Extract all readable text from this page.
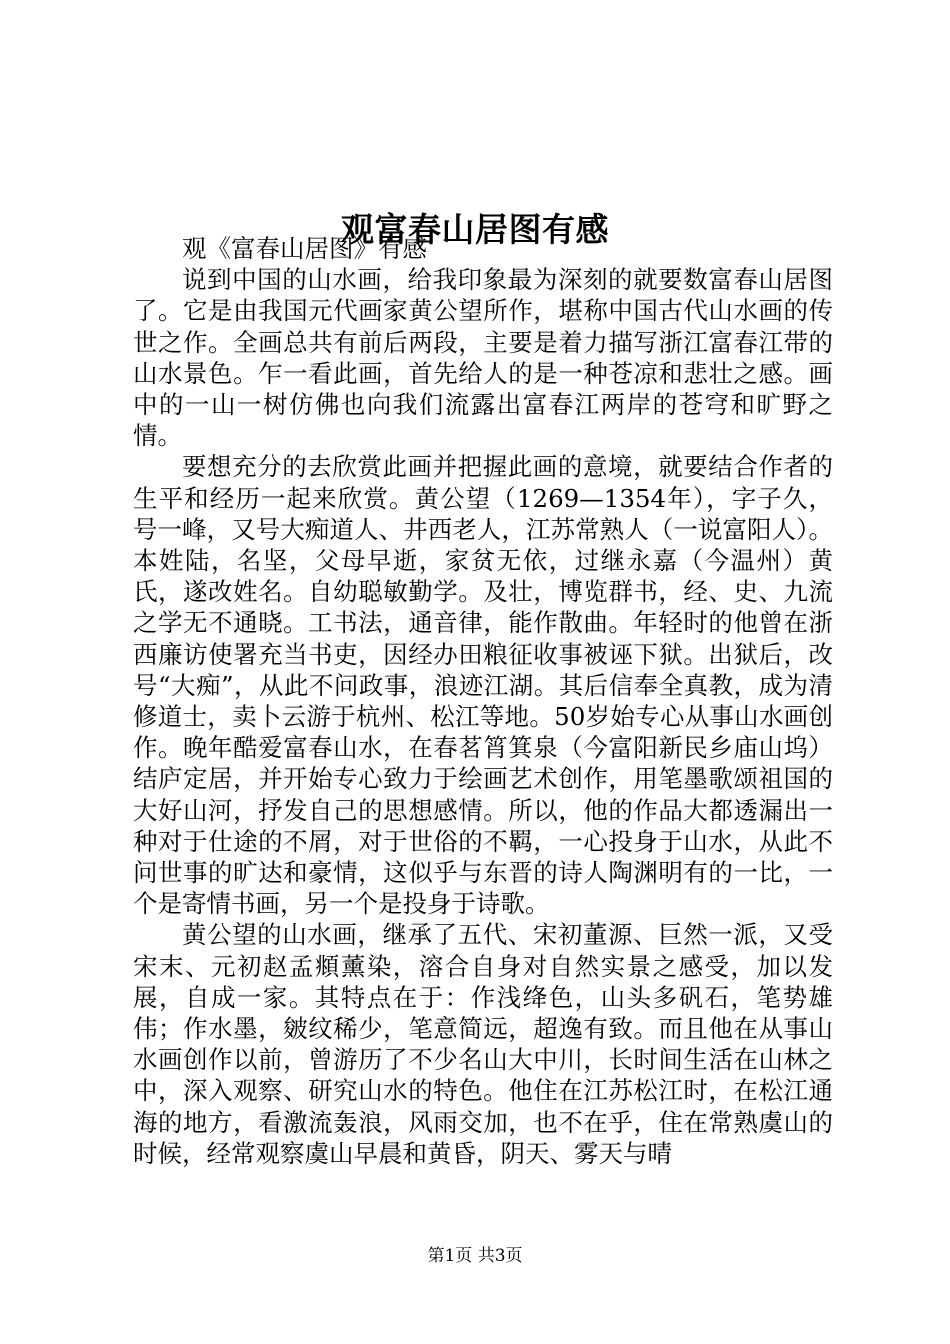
观富春山居图有感

观《富春山居图》有感

说到中国的山水画，给我印象最为深刻的就要数富春山居图了。它是由我国元代画家黄公望所作，堪称中国古代山水画的传世之作。全画总共有前后两段，主要是着力描写浙江富春江带的山水景色。乍一看此画，首先给人的是一种苍凉和悲壮之感。画中的一山一树仿佛也向我们流露出富春江两岸的苍穹和旷野之情。

要想充分的去欣赏此画并把握此画的意境，就要结合作者的生平和经历一起来欣赏。黄公望（1269—1354年），字子久，号一峰，又号大痴道人、井西老人，江苏常熟人（一说富阳人）。本姓陆，名坚，父母早逝，家贫无依，过继永嘉（今温州）黄氏，遂改姓名。自幼聪敏勤学。及壮，博览群书，经、史、九流之学无不通晓。工书法，通音律，能作散曲。年轻时的他曾在浙西廉访使署充当书吏，因经办田粮征收事被诬下狱。出狱后，改号“大痴”，从此不问政事，浪迹江湖。其后信奉全真教，成为清修道士，卖卜云游于杭州、松江等地。50岁始专心从事山水画创作。晚年酷爱富春山水，在春茗筲箕泉（今富阳新民乡庙山坞）结庐定居，并开始专心致力于绘画艺术创作，用笔墨歌颂祖国的大好山河，抒发自己的思想感情。所以，他的作品大都透漏出一种对于仕途的不屑，对于世俗的不羁，一心投身于山水，从此不问世事的旷达和豪情，这似乎与东晋的诗人陶渊明有的一比，一个是寄情书画，另一个是投身于诗歌。

黄公望的山水画，继承了五代、宋初董源、巨然一派，又受宋末、元初赵孟頫薰染，溶合自身对自然实景之感受，加以发展，自成一家。其特点在于：作浅绛色，山头多矾石，笔势雄伟；作水墨，皴纹稀少，笔意简远，超逸有致。而且他在从事山水画创作以前，曾游历了不少名山大中川，长时间生活在山林之中，深入观察、研究山水的特色。他住在江苏松江时，在松江通海的地方，看激流轰浪，风雨交加，也不在乎，住在常熟虞山的时候，经常观察虞山早晨和黄昏，阴天、雾天与晴

第1页 共3页
